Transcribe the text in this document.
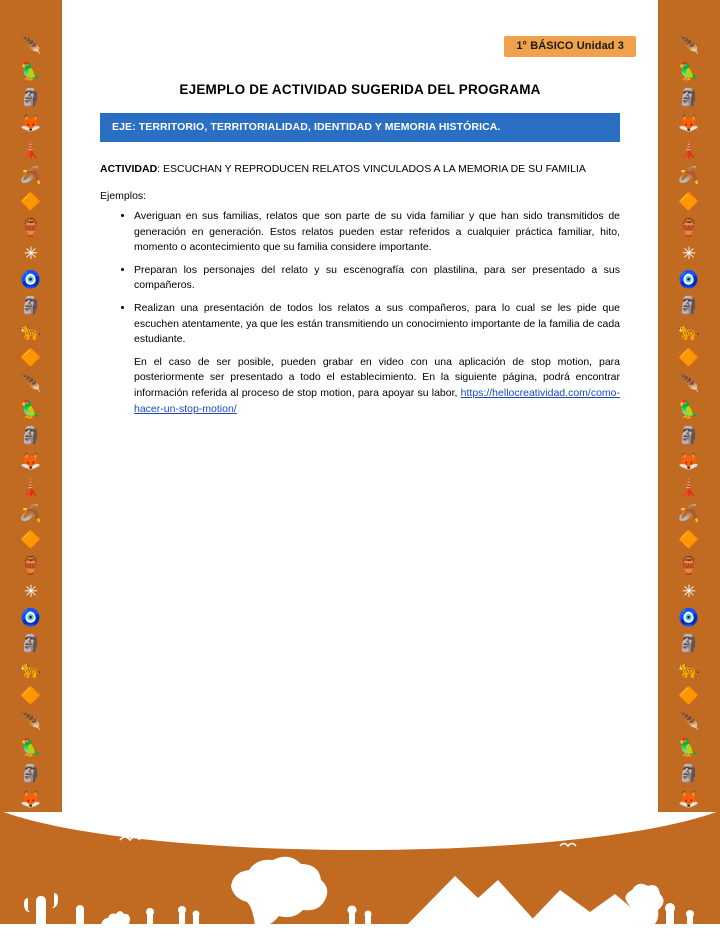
🪶
🦜
🗿
🦊
🗼
🪃
🔶
🏺
✳
🧿
🗿
🐆
🔶
🪶
🦜
🗿
🦊
🗼
🪃
🔶
🏺
✳
🧿
🗿
🐆
🔶
🪶
🦜
🗿
🦊
🪶
🦜
🗿
🦊
🗼
🪃
🔶
🏺
✳
🧿
🗿
🐆
🔶
🪶
🦜
🗿
🦊
🗼
🪃
🔶
🏺
✳
🧿
🗿
🐆
🔶
🪶
🦜
🗿
🦊
1° BÁSICO Unidad 3
EJEMPLO DE ACTIVIDAD SUGERIDA DEL PROGRAMA
EJE: TERRITORIO, TERRITORIALIDAD, IDENTIDAD Y MEMORIA HISTÓRICA.

ACTIVIDAD: ESCUCHAN Y REPRODUCEN RELATOS VINCULADOS A LA MEMORIA DE SU FAMILIA

Ejemplos:
• Averiguan en sus familias, relatos que son parte de su vida familiar y que han sido transmitidos de generación en generación. Estos relatos pueden estar referidos a cualquier práctica familiar, hito, momento o acontecimiento que su familia considere importante.
• Preparan los personajes del relato y su escenografía con plastilina, para ser presentado a sus compañeros.
• Realizan una presentación de todos los relatos a sus compañeros, para lo cual se les pide que escuchen atentamente, ya que les están transmitiendo un conocimiento importante de la familia de cada estudiante.
En el caso de ser posible, pueden grabar en video con una aplicación de stop motion, para posteriormente ser presentado a todo el establecimiento. En la siguiente página, podrá encontrar información referida al proceso de stop motion, para apoyar su labor, https://hellocreatividad.com/como-hacer-un-stop-motion/
